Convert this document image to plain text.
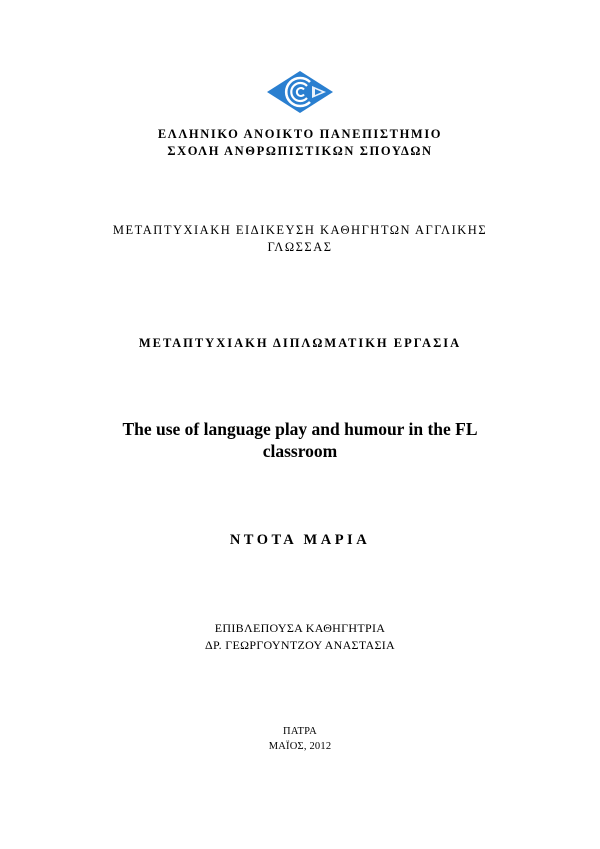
ΕΛΛΗΝΙΚΟ ΑΝΟΙΚΤΟ ΠΑΝΕΠΙΣΤΗΜΙΟ
ΣΧΟΛΗ ΑΝΘΡΩΠΙΣΤΙΚΩΝ ΣΠΟΥΔΩΝ
ΜΕΤΑΠΤΥΧΙΑΚΗ ΕΙΔΙΚΕΥΣΗ ΚΑΘΗΓΗΤΩΝ ΑΓΓΛΙΚΗΣ
ΓΛΩΣΣΑΣ
ΜΕΤΑΠΤΥΧΙΑΚΗ ΔΙΠΛΩΜΑΤΙΚΗ ΕΡΓΑΣΙΑ
The use of language play and humour in the FL
classroom
ΝΤΟΤΑ ΜΑΡΙΑ
ΕΠΙΒΛΕΠΟΥΣΑ ΚΑΘΗΓΗΤΡΙΑ
ΔΡ. ΓΕΩΡΓΟΥΝΤΖΟΥ ΑΝΑΣΤΑΣΙΑ
ΠΑΤΡΑ
ΜΑΪΟΣ, 2012
